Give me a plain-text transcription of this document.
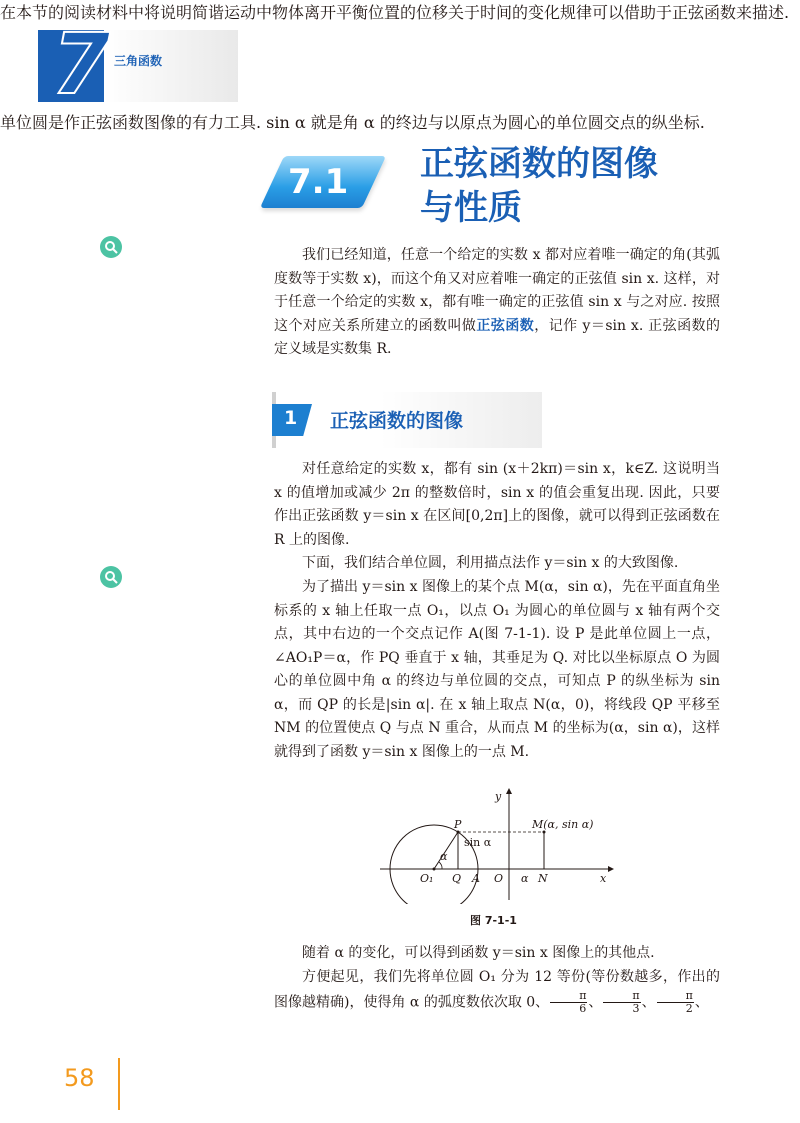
7 三角函数
7.1 正弦函数的图像
与性质
在本节的阅读材料中将说明简谐运动中物体离开平衡位置的位移关于时间的变化规律可以借助于正弦函数来描述.
我们已经知道，任意一个给定的实数 x 都对应着唯一确定的角(其弧度数等于实数 x)，而这个角又对应着唯一确定的正弦值 sin x. 这样，对于任意一个给定的实数 x，都有唯一确定的正弦值 sin x 与之对应. 按照这个对应关系所建立的函数叫做正弦函数，记作 y＝sin x. 正弦函数的定义域是实数集 R.
1 正弦函数的图像
对任意给定的实数 x，都有 sin (x＋2kπ)＝sin x，k∈Z. 这说明当 x 的值增加或减少 2π 的整数倍时，sin x 的值会重复出现. 因此，只要作出正弦函数 y＝sin x 在区间[0,2π]上的图像，就可以得到正弦函数在 R 上的图像.
下面，我们结合单位圆，利用描点法作 y＝sin x 的大致图像.
为了描出 y＝sin x 图像上的某个点 M(α，sin α)，先在平面直角坐标系的 x 轴上任取一点 O₁，以点 O₁ 为圆心的单位圆与 x 轴有两个交点，其中右边的一个交点记作 A(图 7-1-1). 设 P 是此单位圆上一点，∠AO₁P＝α，作 PQ 垂直于 x 轴，其垂足为 Q. 对比以坐标原点 O 为圆心的单位圆中角 α 的终边与单位圆的交点，可知点 P 的纵坐标为 sin α，而 QP 的长是|sin α|. 在 x 轴上取点 N(α，0)，将线段 QP 平移至 NM 的位置使点 Q 与点 N 重合，从而点 M 的坐标为(α，sin α)，这样就得到了函数 y＝sin x 图像上的一点 M.
单位圆是作正弦函数图像的有力工具. sin α 就是角 α 的终边与以原点为圆心的单位圆交点的纵坐标.
y
x
P	M(α, sin α)
sin α
α
O₁ Q A O α N
图 7-1-1
随着 α 的变化，可以得到函数 y＝sin x 图像上的其他点.
方便起见，我们先将单位圆 O₁ 分为 12 等份(等份数越多，作出的图像越精确)，使得角 α 的弧度数依次取 0、 $\frac{\pi}{6}$ 、 $\frac{\pi}{3}$ 、 $\frac{\pi}{2}$ 、
58
